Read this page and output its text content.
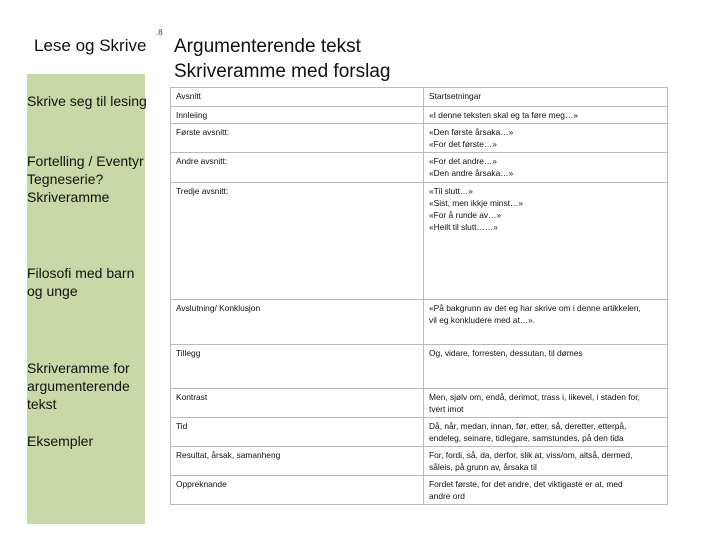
Lese og Skrive
Skrive seg til lesing
Fortelling / Eventyr Tegneserie? Skriveramme
Filosofi med barn og unge
Skriveramme for argumenterende tekst
Eksempler
.8
Argumenterende tekst
Skriveramme med forslag
Avsnitt	Startsetningar

Innleiing	«I denne teksten skal eg ta føre meg…»

Første avsnitt:	«Den første årsaka…»
«For det første…»

Andre avsnitt:	«For det andre…»
«Den andre årsaka…»

Tredje avsnitt:	«Til slutt…»
«Sist, men ikkje minst…»
«For å runde av…»
«Heilt til slutt……»

Avslutning/ Konklusjon	«På bakgrunn av det eg har skrive om i denne artikkelen,
vil eg konkludere med at…».

Tillegg	Og, vidare, forresten, dessutan, til dømes

Kontrast	Men, sjølv om, endå, derimot, trass i, likevel, i staden for,
tvert imot

Tid	Då, når, medan, innan, før, etter, så, deretter, etterpå,
endeleg, seinare, tidlegare, samstundes, på den tida

Resultat, årsak, samanheng	For, fordi, så, da, derfor, slik at, viss/om, altså, dermed,
såleis, på grunn av, årsaka til

Oppreknande	Fordet første, for det andre, det viktigaste er at, med
andre ord
